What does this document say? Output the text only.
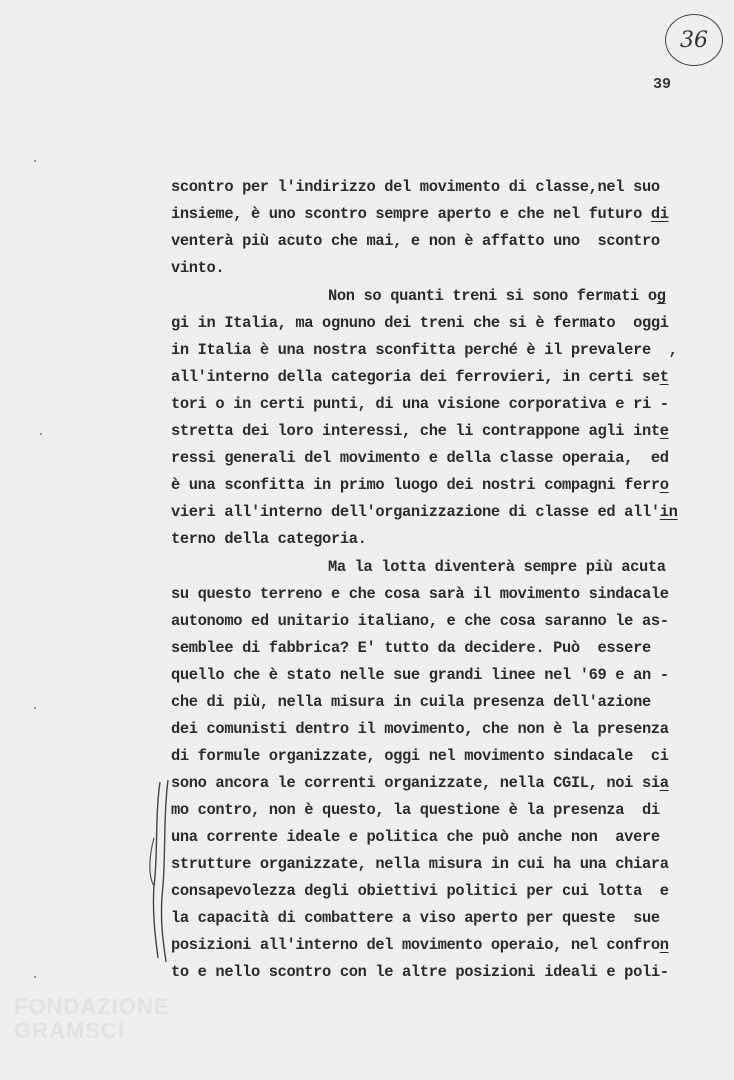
36
39
scontro per l'indirizzo del movimento di classe,nel suo
insieme, è uno scontro sempre aperto e che nel futuro di
venterà più acuto che mai, e non è affatto uno  scontro
vinto.
Non so quanti treni si sono fermati og
gi in Italia, ma ognuno dei treni che si è fermato  oggi
in Italia è una nostra sconfitta perché è il prevalere  ,
all'interno della categoria dei ferrovieri, in certi set
tori o in certi punti, di una visione corporativa e ri -
stretta dei loro interessi, che li contrappone agli inte
ressi generali del movimento e della classe operaia,  ed
è una sconfitta in primo luogo dei nostri compagni ferro
vieri all'interno dell'organizzazione di classe ed all'in
terno della categoria.
Ma la lotta diventerà sempre più acuta
su questo terreno e che cosa sarà il movimento sindacale
autonomo ed unitario italiano, e che cosa saranno le as-
semblee di fabbrica? E' tutto da decidere. Può  essere
quello che è stato nelle sue grandi linee nel '69 e an -
che di più, nella misura in cuila presenza dell'azione
dei comunisti dentro il movimento, che non è la presenza
di formule organizzate, oggi nel movimento sindacale  ci
sono ancora le correnti organizzate, nella CGIL, noi sia
mo contro, non è questo, la questione è la presenza  di
una corrente ideale e politica che può anche non  avere
strutture organizzate, nella misura in cui ha una chiara
consapevolezza degli obiettivi politici per cui lotta  e
la capacità di combattere a viso aperto per queste  sue
posizioni all'interno del movimento operaio, nel confron
to e nello scontro con le altre posizioni ideali e poli-
FONDAZIONE
GRAMSCI
